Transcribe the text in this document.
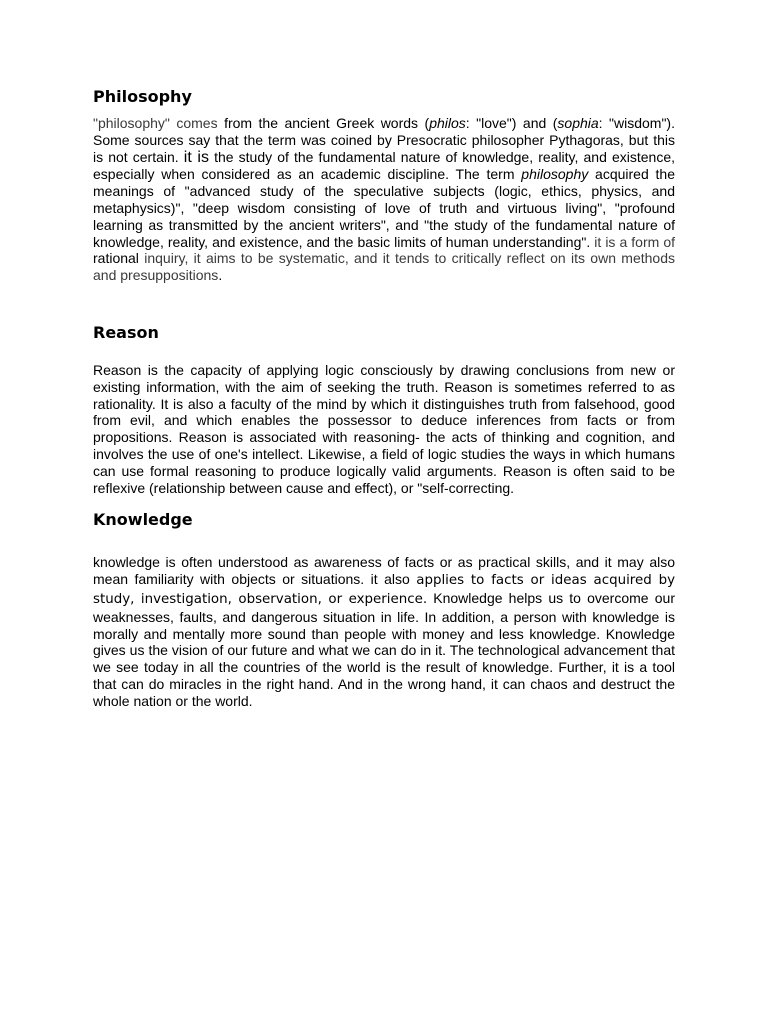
Philosophy

"philosophy" comes from the ancient Greek words (philos: "love") and (sophia: "wisdom"). Some sources say that the term was coined by Presocratic philosopher Pythagoras, but this is not certain. it is the study of the fundamental nature of knowledge, reality, and existence, especially when considered as an academic discipline. The term philosophy acquired the meanings of "advanced study of the speculative subjects (logic, ethics, physics, and metaphysics)", "deep wisdom consisting of love of truth and virtuous living", "profound learning as transmitted by the ancient writers", and "the study of the fundamental nature of knowledge, reality, and existence, and the basic limits of human understanding". it is a form of rational inquiry, it aims to be systematic, and it tends to critically reflect on its own methods and presuppositions.

Reason

Reason is the capacity of applying logic consciously by drawing conclusions from new or existing information, with the aim of seeking the truth. Reason is sometimes referred to as rationality. It is also a faculty of the mind by which it distinguishes truth from falsehood, good from evil, and which enables the possessor to deduce inferences from facts or from propositions. Reason is associated with reasoning- the acts of thinking and cognition, and involves the use of one's intellect. Likewise, a field of logic studies the ways in which humans can use formal reasoning to produce logically valid arguments. Reason is often said to be reflexive (relationship between cause and effect), or "self-correcting.

Knowledge

knowledge is often understood as awareness of facts or as practical skills, and it may also mean familiarity with objects or situations. it also applies to facts or ideas acquired by study, investigation, observation, or experience. Knowledge helps us to overcome our weaknesses, faults, and dangerous situation in life. In addition, a person with knowledge is morally and mentally more sound than people with money and less knowledge. Knowledge gives us the vision of our future and what we can do in it. The technological advancement that we see today in all the countries of the world is the result of knowledge. Further, it is a tool that can do miracles in the right hand. And in the wrong hand, it can chaos and destruct the whole nation or the world.
